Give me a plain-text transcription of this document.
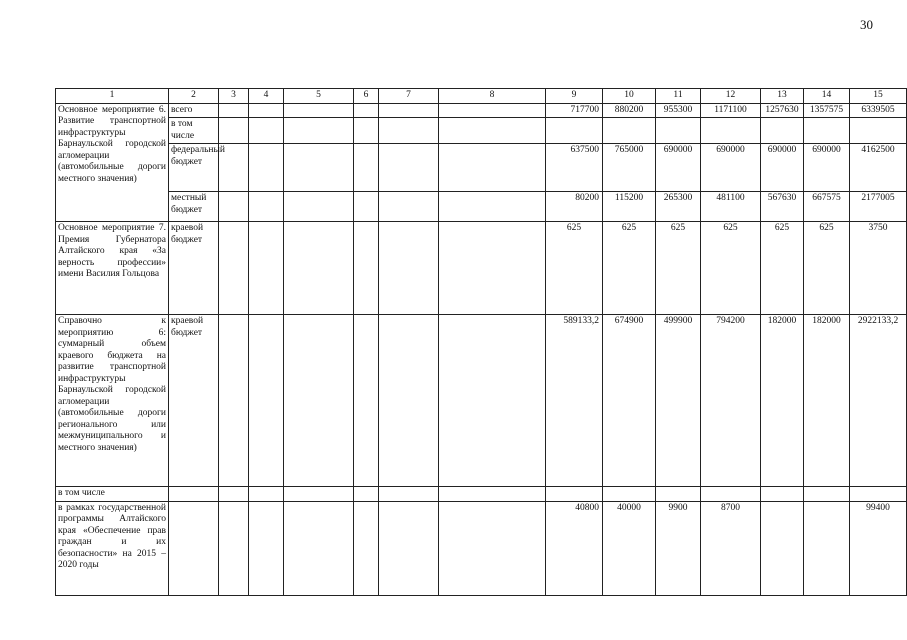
30
1	2	3	4	5	6	7	8	9	10	11	12	13	14	15
Основное мероприятие 6. Развитие транспортной инфраструктуры Барнаульской городской агломерации (автомобильные дороги местного значения)	всего							717700	880200	955300	1171100	1257630	1357575	6339505
	в том числе													
	федеральный бюджет							637500	765000	690000	690000	690000	690000	4162500
	местный бюджет							80200	115200	265300	481100	567630	667575	2177005
Основное мероприятие 7. Премия Губернатора Алтайского края «За верность профессии» имени Василия Гольцова	краевой бюджет							625	625	625	625	625	625	3750
Справочно к мероприятию 6: суммарный объем краевого бюджета на развитие транспортной инфраструктуры Барнаульской городской агломерации (автомобильные дороги регионального или межмуниципального и местного значения)	краевой бюджет							589133,2	674900	499900	794200	182000	182000	2922133,2
в том числе														
в рамках государственной программы Алтайского края «Обеспечение прав граждан и их безопасности» на 2015 – 2020 годы								40800	40000	9900	8700			99400
